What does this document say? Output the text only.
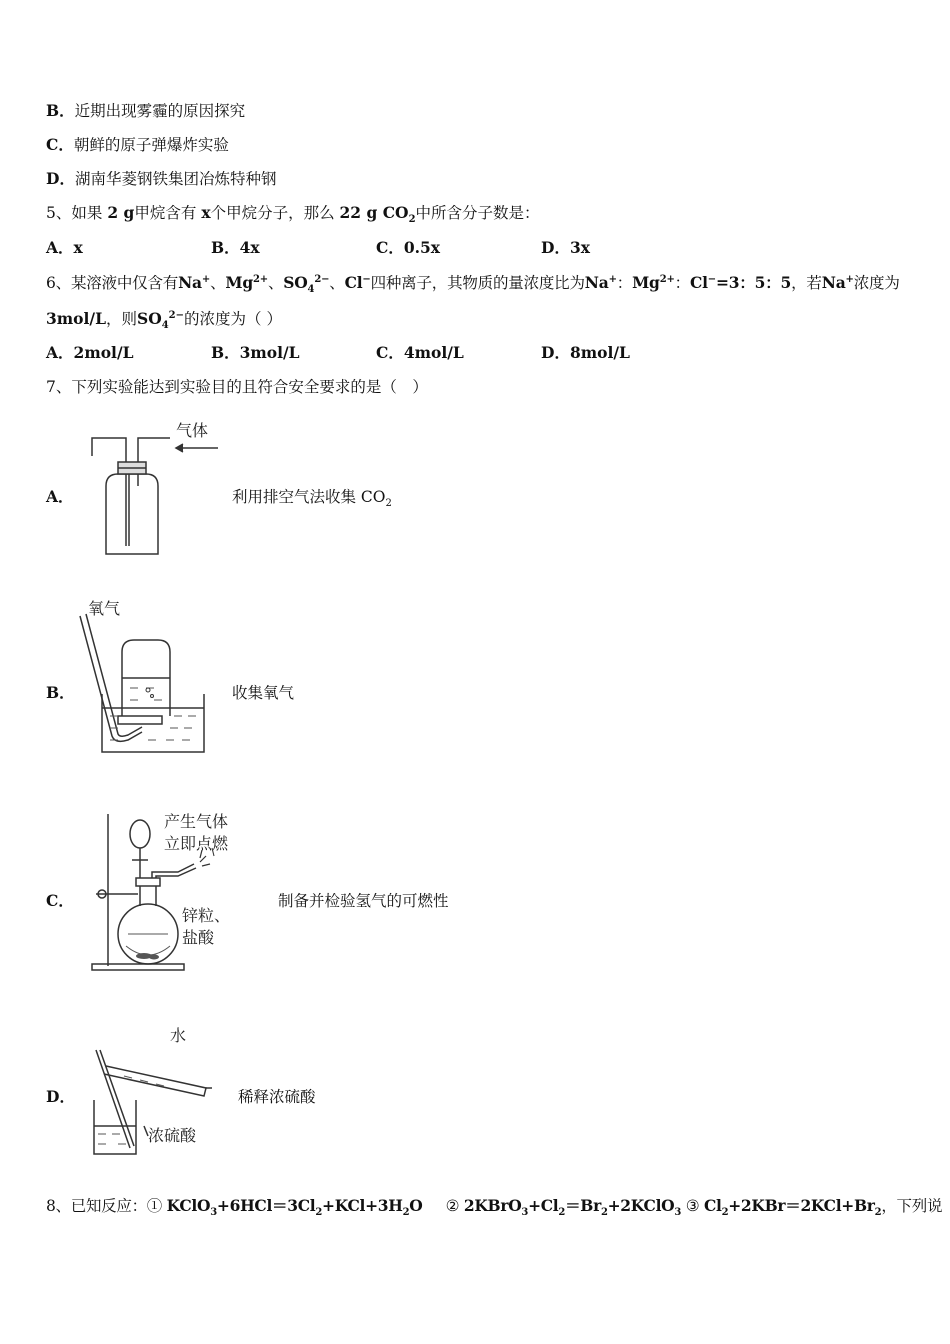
B．近期出现雾霾的原因探究
C．朝鲜的原子弹爆炸实验
D．湖南华菱钢铁集团冶炼特种钢
5、如果 2 g甲烷含有 x个甲烷分子，那么 22 g $CO_2$中所含分子数是：
A．x	B．4x	C．0.5x	D．3x
6、某溶液中仅含有Na+、$Mg^{2+}$、$SO_4^{2-}$、Cl−四种离子，其物质的量浓度比为Na+：$Mg^{2+}$：Cl−=3：5：5，若Na+浓度为
3mol/L，则$SO_4^{2-}$的浓度为（ ）
A．2mol/L	B．3mol/L	C．4mol/L	D．8mol/L
7、下列实验能达到实验目的且符合安全要求的是（　）
A．
气体
利用排空气法收集 $CO_2$
B．
氧气
收集氧气
C．
产生气体
立即点燃
锌粒、
盐酸
制备并检验氢气的可燃性
D．
水
浓硫酸
稀释浓硫酸
8、已知反应：① $KClO_3+6HCl=3Cl_2+KCl+3H_2O$ ② $2KBrO_3+Cl_2=Br_2+2KClO_3$ ③ $Cl_2+2KBr=2KCl+Br_2$，下列说
